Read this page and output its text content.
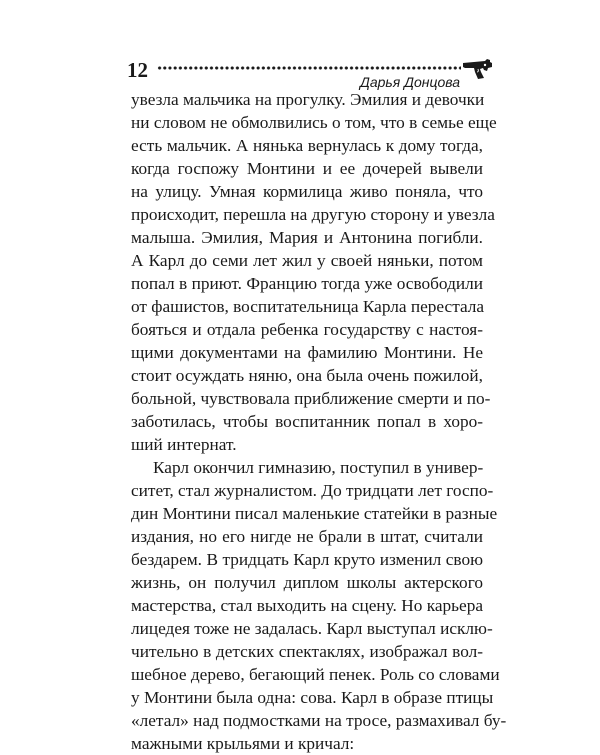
12	Дарья Донцова
увезла мальчика на прогулку. Эмилия и девочки
ни словом не обмолвились о том, что в семье еще
есть мальчик. А нянька вернулась к дому тогда,
когда госпожу Монтини и ее дочерей вывели
на улицу. Умная кормилица живо поняла, что
происходит, перешла на другую сторону и увезла
малыша. Эмилия, Мария и Антонина погибли.
А Карл до семи лет жил у своей няньки, потом
попал в приют. Францию тогда уже освободили
от фашистов, воспитательница Карла перестала
бояться и отдала ребенка государству с настоя-
щими документами на фамилию Монтини. Не
стоит осуждать няню, она была очень пожилой,
больной, чувствовала приближение смерти и по-
заботилась, чтобы воспитанник попал в хоро-
ший интернат.
Карл окончил гимназию, поступил в универ-
ситет, стал журналистом. До тридцати лет госпо-
дин Монтини писал маленькие статейки в разные
издания, но его нигде не брали в штат, считали
бездарем. В тридцать Карл круто изменил свою
жизнь, он получил диплом школы актерского
мастерства, стал выходить на сцену. Но карьера
лицедея тоже не задалась. Карл выступал исклю-
чительно в детских спектаклях, изображал вол-
шебное дерево, бегающий пенек. Роль со словами
у Монтини была одна: сова. Карл в образе птицы
«летал» над подмостками на тросе, размахивал бу-
мажными крыльями и кричал:
